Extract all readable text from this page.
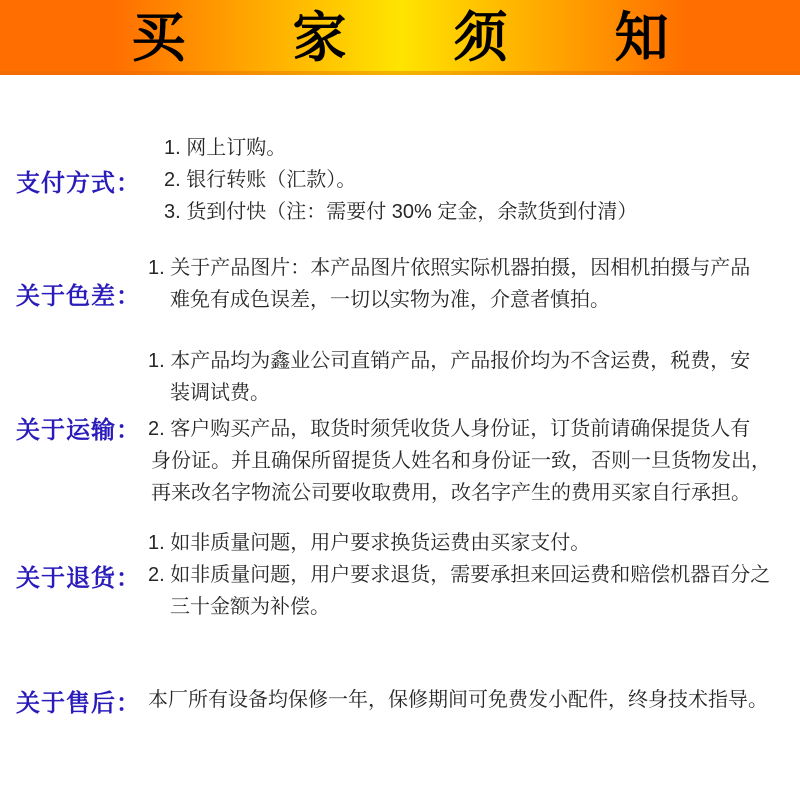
买 家 须 知
支付方式：
1. 网上订购。
2. 银行转账（汇款）。
3. 货到付快（注：需要付 30% 定金，余款货到付清）
关于色差：
1. 关于产品图片：本产品图片依照实际机器拍摄，因相机拍摄与产品
难免有成色误差，一切以实物为准，介意者慎拍。
关于运输：
1. 本产品均为鑫业公司直销产品，产品报价均为不含运费，税费，安
装调试费。
2. 客户购买产品，取货时须凭收货人身份证，订货前请确保提货人有
身份证。并且确保所留提货人姓名和身份证一致，否则一旦货物发出，
再来改名字物流公司要收取费用，改名字产生的费用买家自行承担。
关于退货：
1. 如非质量问题，用户要求换货运费由买家支付。
2. 如非质量问题，用户要求退货，需要承担来回运费和赔偿机器百分之
三十金额为补偿。
关于售后： 本厂所有设备均保修一年，保修期间可免费发小配件，终身技术指导。
